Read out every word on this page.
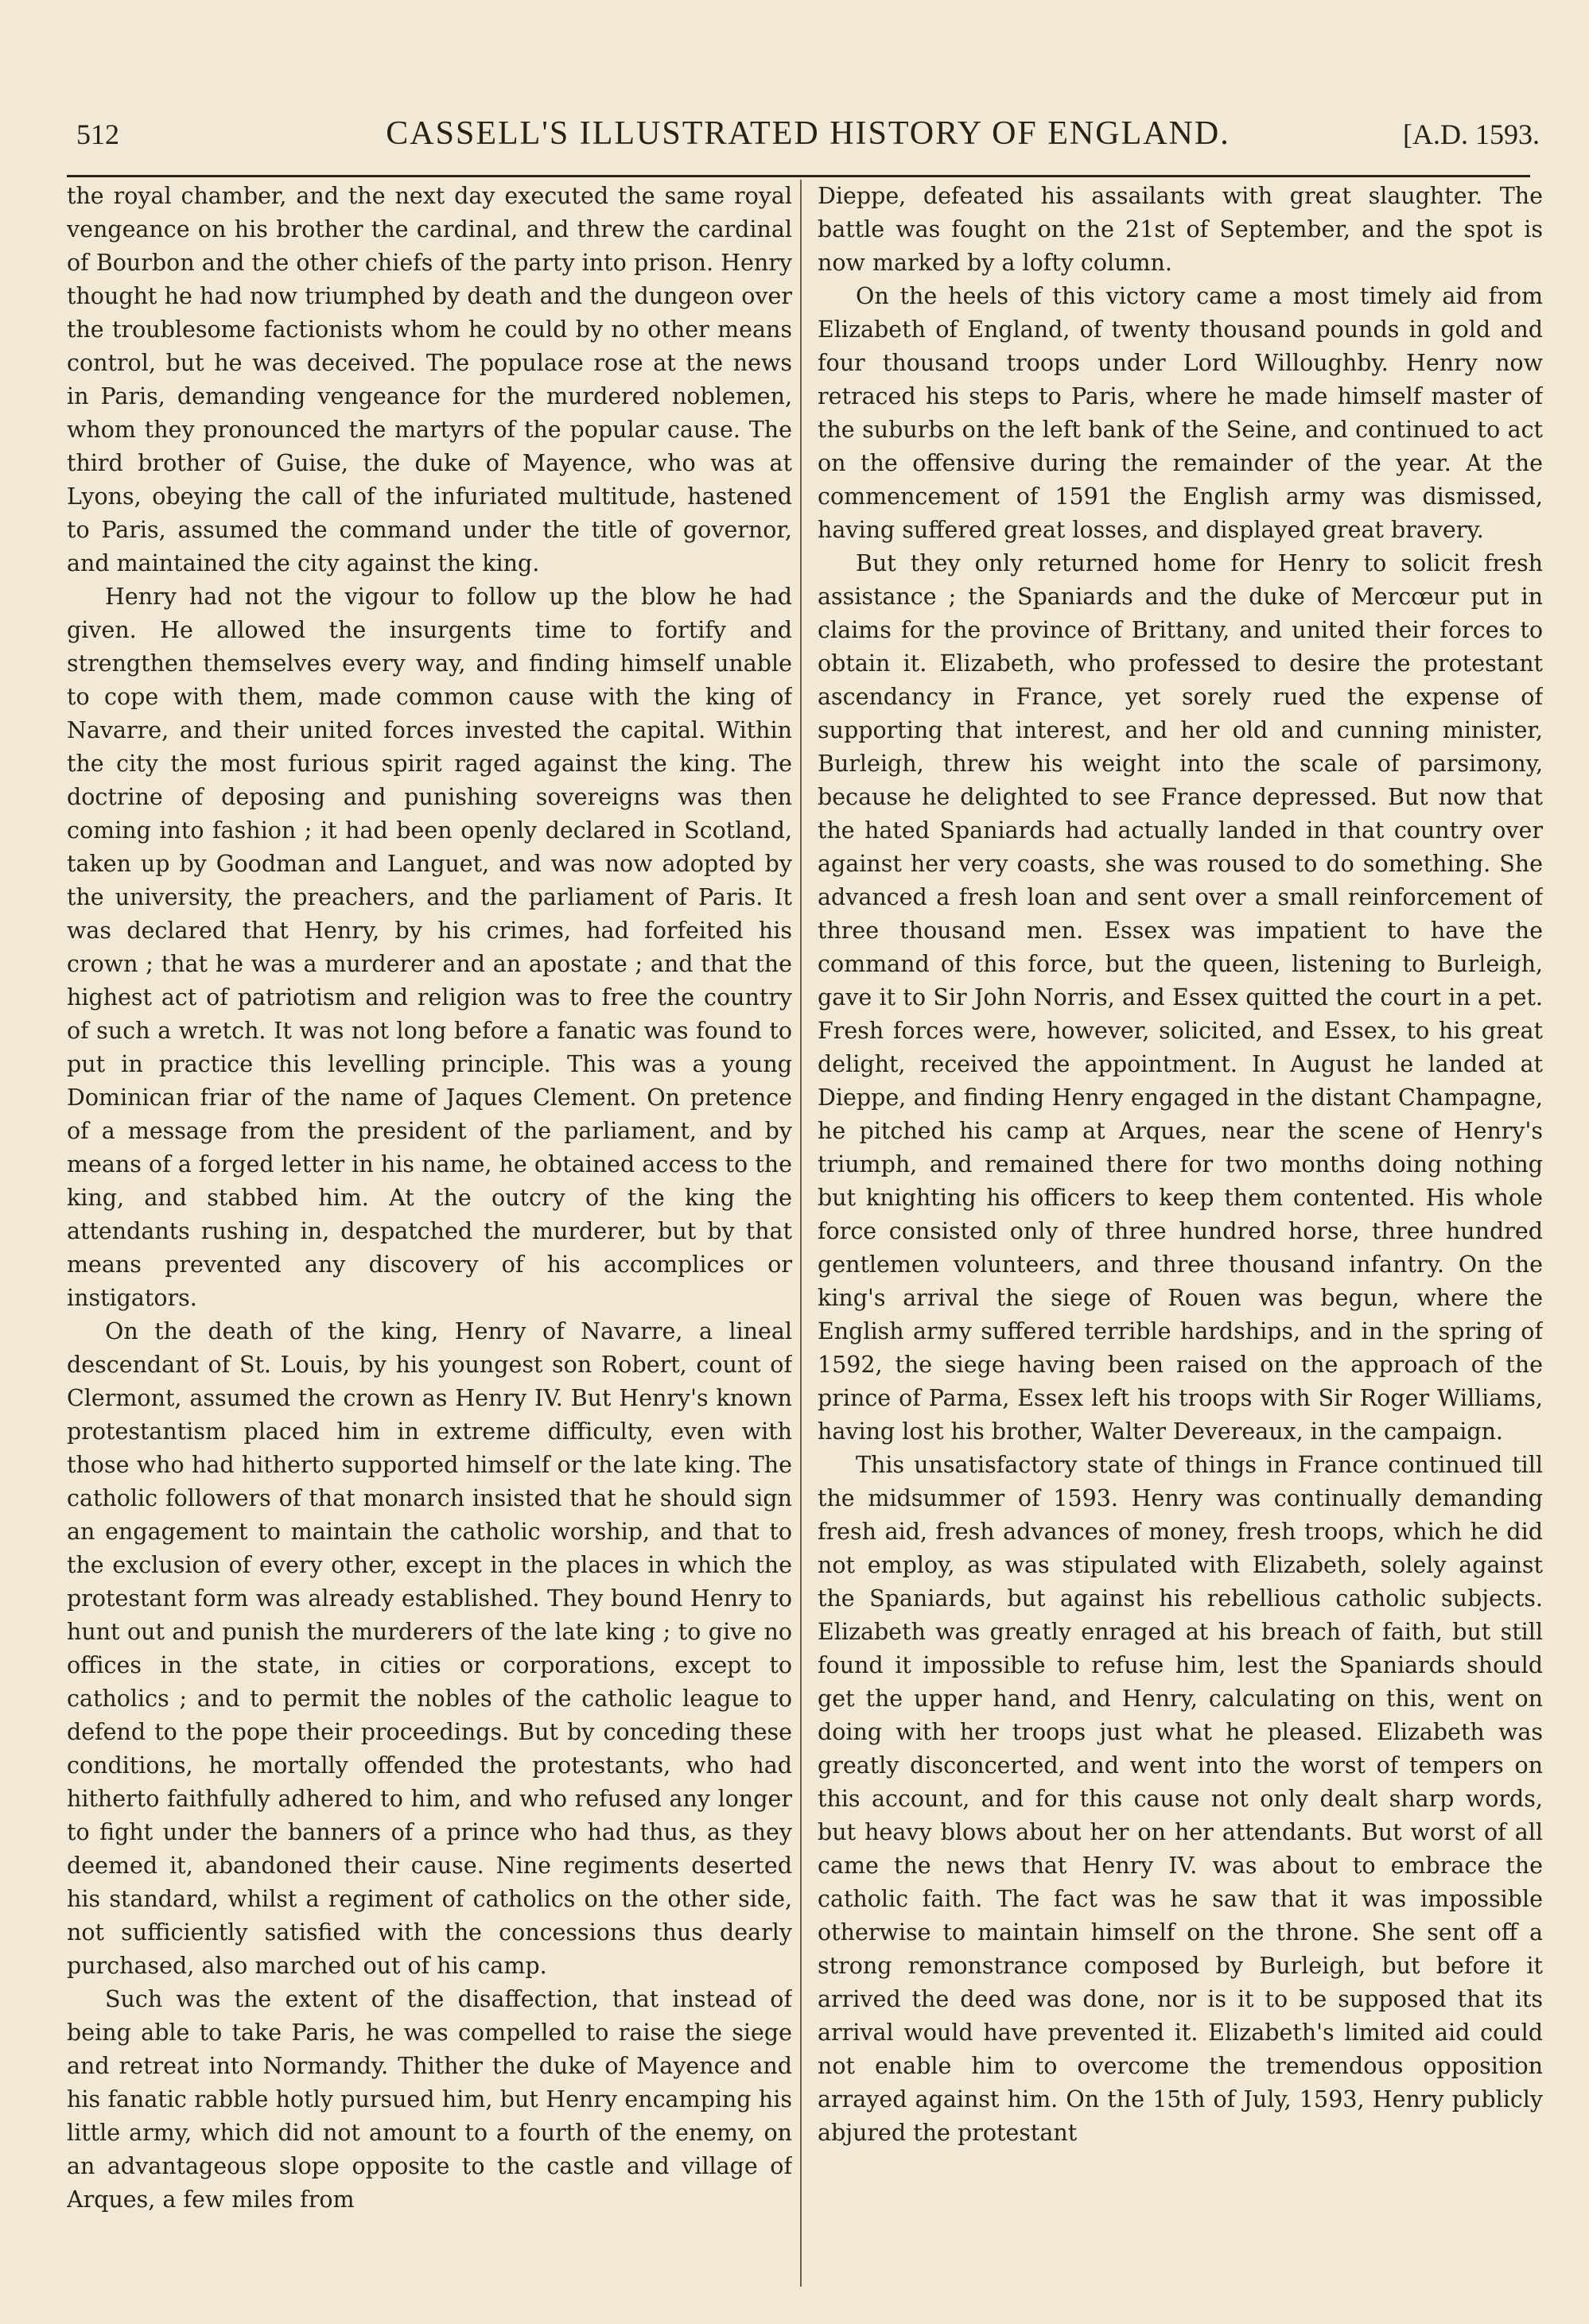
512	CASSELL'S ILLUSTRATED HISTORY OF ENGLAND.	[A.D. 1593.

the royal chamber, and the next day executed the same royal vengeance on his brother the cardinal, and threw the cardinal of Bourbon and the other chiefs of the party into prison. Henry thought he had now triumphed by death and the dungeon over the troublesome factionists whom he could by no other means control, but he was deceived. The populace rose at the news in Paris, demanding vengeance for the murdered noblemen, whom they pronounced the martyrs of the popular cause. The third brother of Guise, the duke of Mayence, who was at Lyons, obeying the call of the infuriated multitude, hastened to Paris, assumed the command under the title of governor, and maintained the city against the king.

Henry had not the vigour to follow up the blow he had given. He allowed the insurgents time to fortify and strengthen themselves every way, and finding himself unable to cope with them, made common cause with the king of Navarre, and their united forces invested the capital. Within the city the most furious spirit raged against the king. The doctrine of deposing and punishing sovereigns was then coming into fashion ; it had been openly declared in Scotland, taken up by Goodman and Languet, and was now adopted by the university, the preachers, and the parliament of Paris. It was declared that Henry, by his crimes, had forfeited his crown ; that he was a murderer and an apostate ; and that the highest act of patriotism and religion was to free the country of such a wretch. It was not long before a fanatic was found to put in practice this levelling principle. This was a young Dominican friar of the name of Jaques Clement. On pretence of a message from the president of the parliament, and by means of a forged letter in his name, he obtained access to the king, and stabbed him. At the outcry of the king the attendants rushing in, despatched the murderer, but by that means prevented any discovery of his accomplices or instigators.

On the death of the king, Henry of Navarre, a lineal descendant of St. Louis, by his youngest son Robert, count of Clermont, assumed the crown as Henry IV. But Henry's known protestantism placed him in extreme difficulty, even with those who had hitherto supported himself or the late king. The catholic followers of that monarch insisted that he should sign an engagement to maintain the catholic worship, and that to the exclusion of every other, except in the places in which the protestant form was already established. They bound Henry to hunt out and punish the murderers of the late king ; to give no offices in the state, in cities or corporations, except to catholics ; and to permit the nobles of the catholic league to defend to the pope their proceedings. But by conceding these conditions, he mortally offended the protestants, who had hitherto faithfully adhered to him, and who refused any longer to fight under the banners of a prince who had thus, as they deemed it, abandoned their cause. Nine regiments deserted his standard, whilst a regiment of catholics on the other side, not sufficiently satisfied with the concessions thus dearly purchased, also marched out of his camp.

Such was the extent of the disaffection, that instead of being able to take Paris, he was compelled to raise the siege and retreat into Normandy. Thither the duke of Mayence and his fanatic rabble hotly pursued him, but Henry encamping his little army, which did not amount to a fourth of the enemy, on an advantageous slope opposite to the castle and village of Arques, a few miles from

Dieppe, defeated his assailants with great slaughter. The battle was fought on the 21st of September, and the spot is now marked by a lofty column.

On the heels of this victory came a most timely aid from Elizabeth of England, of twenty thousand pounds in gold and four thousand troops under Lord Willoughby. Henry now retraced his steps to Paris, where he made himself master of the suburbs on the left bank of the Seine, and continued to act on the offensive during the remainder of the year. At the commencement of 1591 the English army was dismissed, having suffered great losses, and displayed great bravery.

But they only returned home for Henry to solicit fresh assistance ; the Spaniards and the duke of Mercœur put in claims for the province of Brittany, and united their forces to obtain it. Elizabeth, who professed to desire the protestant ascendancy in France, yet sorely rued the expense of supporting that interest, and her old and cunning minister, Burleigh, threw his weight into the scale of parsimony, because he delighted to see France depressed. But now that the hated Spaniards had actually landed in that country over against her very coasts, she was roused to do something. She advanced a fresh loan and sent over a small reinforcement of three thousand men. Essex was impatient to have the command of this force, but the queen, listening to Burleigh, gave it to Sir John Norris, and Essex quitted the court in a pet. Fresh forces were, however, solicited, and Essex, to his great delight, received the appointment. In August he landed at Dieppe, and finding Henry engaged in the distant Champagne, he pitched his camp at Arques, near the scene of Henry's triumph, and remained there for two months doing nothing but knighting his officers to keep them contented. His whole force consisted only of three hundred horse, three hundred gentlemen volunteers, and three thousand infantry. On the king's arrival the siege of Rouen was begun, where the English army suffered terrible hardships, and in the spring of 1592, the siege having been raised on the approach of the prince of Parma, Essex left his troops with Sir Roger Williams, having lost his brother, Walter Devereaux, in the campaign.

This unsatisfactory state of things in France continued till the midsummer of 1593. Henry was continually demanding fresh aid, fresh advances of money, fresh troops, which he did not employ, as was stipulated with Elizabeth, solely against the Spaniards, but against his rebellious catholic subjects. Elizabeth was greatly enraged at his breach of faith, but still found it impossible to refuse him, lest the Spaniards should get the upper hand, and Henry, calculating on this, went on doing with her troops just what he pleased. Elizabeth was greatly disconcerted, and went into the worst of tempers on this account, and for this cause not only dealt sharp words, but heavy blows about her on her attendants. But worst of all came the news that Henry IV. was about to embrace the catholic faith. The fact was he saw that it was impossible otherwise to maintain himself on the throne. She sent off a strong remonstrance composed by Burleigh, but before it arrived the deed was done, nor is it to be supposed that its arrival would have prevented it. Elizabeth's limited aid could not enable him to overcome the tremendous opposition arrayed against him. On the 15th of July, 1593, Henry publicly abjured the protestant
